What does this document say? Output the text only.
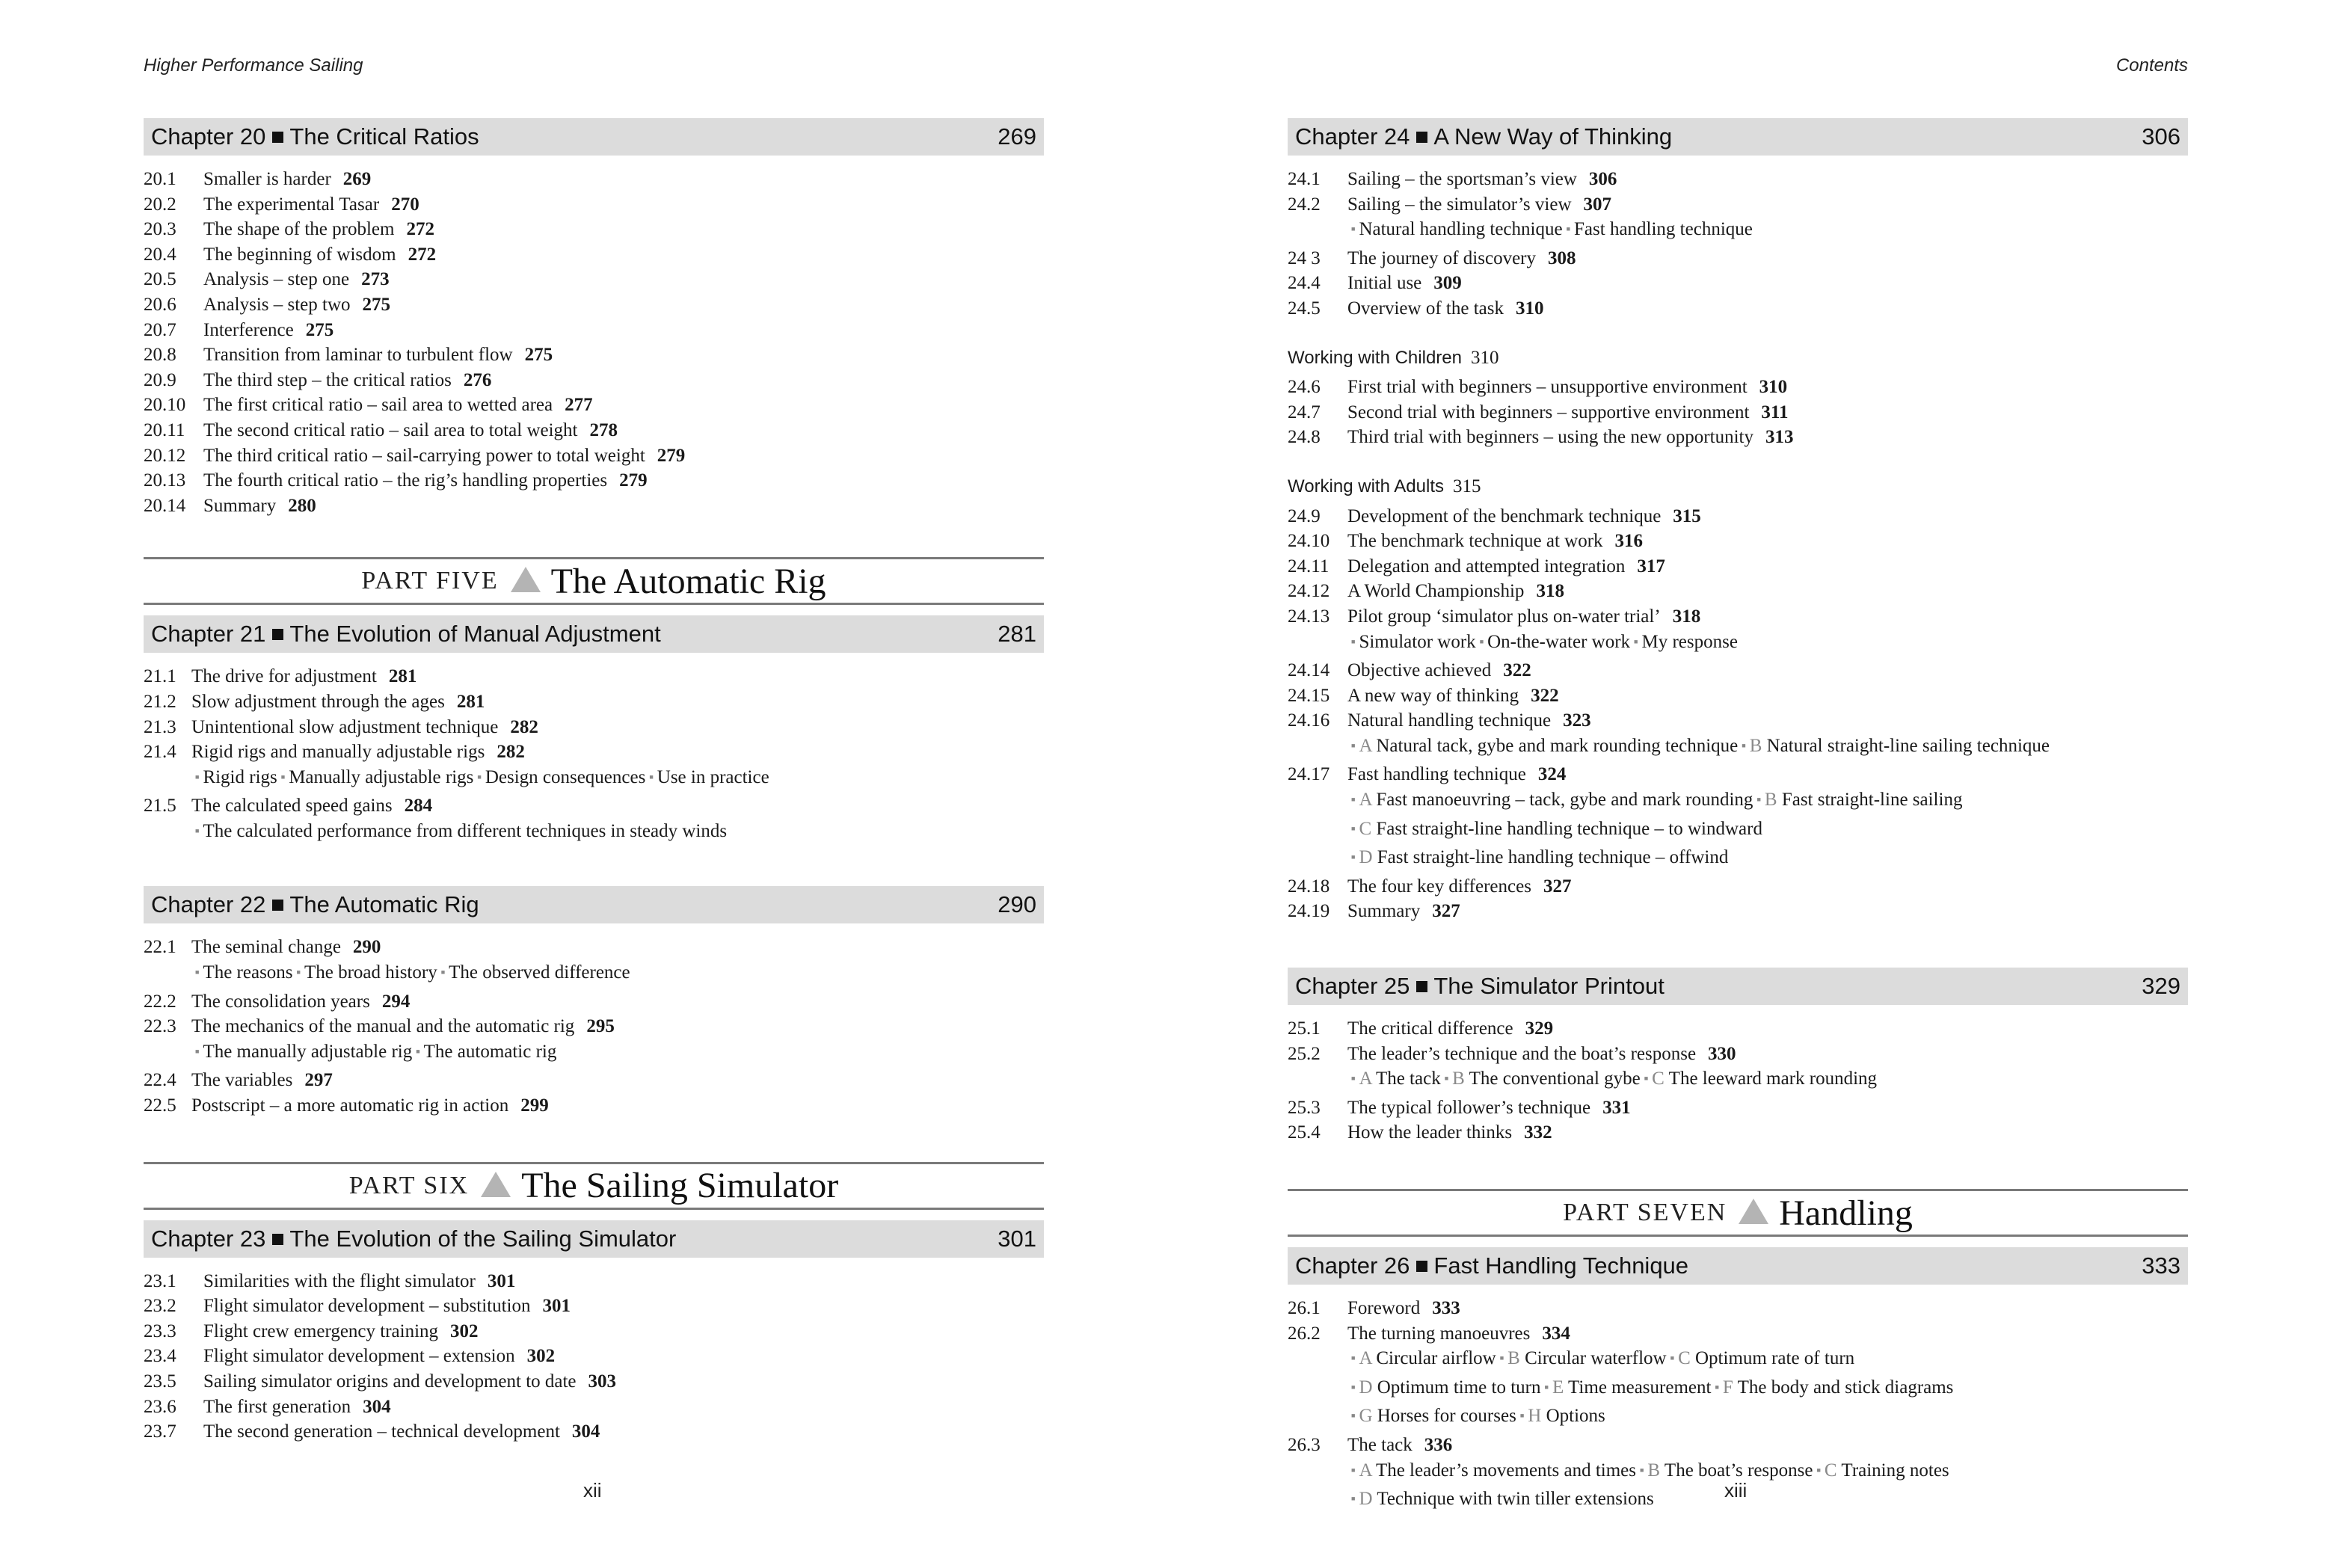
Higher Performance Sailing	Contents
Chapter 20 The Critical Ratios	269
20.1	Smaller is harder 269
20.2	The experimental Tasar 270
20.3	The shape of the problem 272
20.4	The beginning of wisdom 272
20.5	Analysis – step one 273
20.6	Analysis – step two 275
20.7	Interference 275
20.8	Transition from laminar to turbulent flow 275
20.9	The third step – the critical ratios 276
20.10 The first critical ratio – sail area to wetted area 277
20.11 The second critical ratio – sail area to total weight 278
20.12 The third critical ratio – sail-carrying power to total weight 279
20.13 The fourth critical ratio – the rig’s handling properties 279
20.14 Summary 280
PART FIVE The Automatic Rig
Chapter 21 The Evolution of Manual Adjustment	281
21.1 The drive for adjustment 281
21.2 Slow adjustment through the ages 281
21.3 Unintentional slow adjustment technique 282
21.4 Rigid rigs and manually adjustable rigs 282
■ Rigid rigs ■ Manually adjustable rigs ■ Design consequences ■ Use in practice
21.5 The calculated speed gains 284
■ The calculated performance from different techniques in steady winds
Chapter 22 The Automatic Rig	290
22.1 The seminal change 290
■ The reasons ■ The broad history ■ The observed difference
22.2 The consolidation years 294
22.3 The mechanics of the manual and the automatic rig 295
■ The manually adjustable rig ■ The automatic rig
22.4 The variables 297
22.5 Postscript – a more automatic rig in action 299
PART SIX The Sailing Simulator
Chapter 23 The Evolution of the Sailing Simulator	301
23.1	Similarities with the flight simulator 301
23.2	Flight simulator development – substitution 301
23.3	Flight crew emergency training 302
23.4	Flight simulator development – extension 302
23.5	Sailing simulator origins and development to date 303
23.6	The first generation 304
23.7	The second generation – technical development 304
Chapter 24 A New Way of Thinking	306
24.1	Sailing – the sportsman’s view 306
24.2	Sailing – the simulator’s view 307
■ Natural handling technique ■ Fast handling technique
24 3	The journey of discovery 308
24.4	Initial use 309
24.5	Overview of the task 310
Working with Children 310
24.6	First trial with beginners – unsupportive environment 310
24.7	Second trial with beginners – supportive environment 311
24.8	Third trial with beginners – using the new opportunity 313
Working with Adults 315
24.9	Development of the benchmark technique 315
24.10 The benchmark technique at work 316
24.11 Delegation and attempted integration 317
24.12 A World Championship 318
24.13 Pilot group ‘simulator plus on-water trial’ 318
■ Simulator work ■ On-the-water work ■ My response
24.14 Objective achieved 322
24.15 A new way of thinking 322
24.16 Natural handling technique 323
■ A Natural tack, gybe and mark rounding technique ■ B Natural straight-line sailing technique
24.17 Fast handling technique 324
■ A Fast manoeuvring – tack, gybe and mark rounding ■ B Fast straight-line sailing
■ C Fast straight-line handling technique – to windward
■ D Fast straight-line handling technique – offwind
24.18 The four key differences 327
24.19 Summary 327
Chapter 25 The Simulator Printout	329
25.1	The critical difference 329
25.2	The leader’s technique and the boat’s response 330
■ A The tack ■ B The conventional gybe ■ C The leeward mark rounding
25.3	The typical follower’s technique 331
25.4	How the leader thinks 332
PART SEVEN Handling
Chapter 26 Fast Handling Technique	333
26.1	Foreword 333
26.2	The turning manoeuvres 334
■ A Circular airflow ■ B Circular waterflow ■ C Optimum rate of turn
■ D Optimum time to turn ■ E Time measurement ■ F The body and stick diagrams
■ G Horses for courses ■ H Options
26.3	The tack 336
■ A The leader’s movements and times ■ B The boat’s response ■ C Training notes
■ D Technique with twin tiller extensions
xii	xiii
